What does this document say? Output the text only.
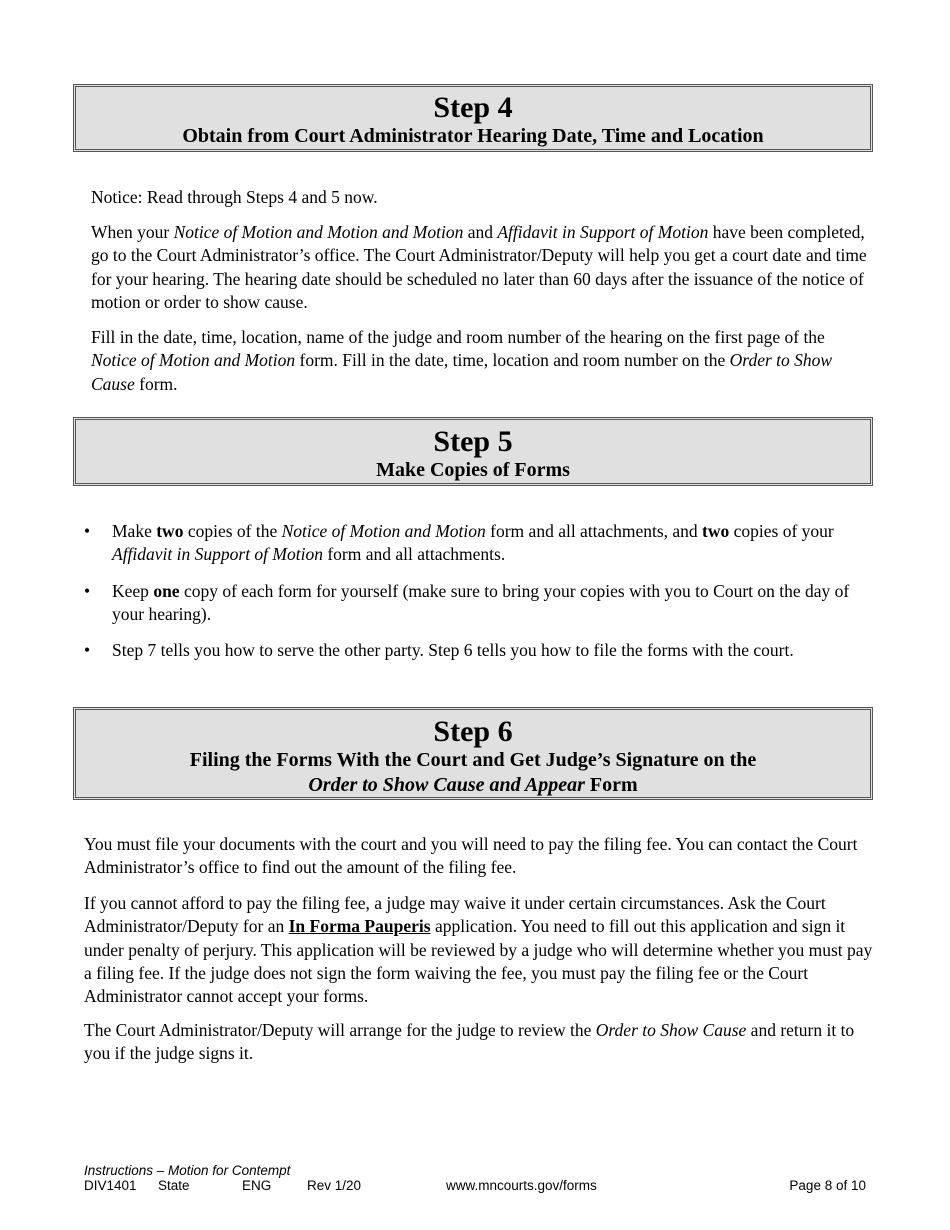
Step 4
Obtain from Court Administrator Hearing Date, Time and Location

Notice: Read through Steps 4 and 5 now.

When your Notice of Motion and Motion and Motion and Affidavit in Support of Motion have been completed, go to the Court Administrator’s office. The Court Administrator/Deputy will help you get a court date and time for your hearing. The hearing date should be scheduled no later than 60 days after the issuance of the notice of motion or order to show cause.

Fill in the date, time, location, name of the judge and room number of the hearing on the first page of the Notice of Motion and Motion form. Fill in the date, time, location and room number on the Order to Show Cause form.

Step 5
Make Copies of Forms
• Make two copies of the Notice of Motion and Motion form and all attachments, and two copies of your Affidavit in Support of Motion form and all attachments.
• Keep one copy of each form for yourself (make sure to bring your copies with you to Court on the day of your hearing).
• Step 7 tells you how to serve the other party. Step 6 tells you how to file the forms with the court.
Step 6
Filing the Forms With the Court and Get Judge’s Signature on the
Order to Show Cause and Appear Form

You must file your documents with the court and you will need to pay the filing fee. You can contact the Court Administrator’s office to find out the amount of the filing fee.

If you cannot afford to pay the filing fee, a judge may waive it under certain circumstances. Ask the Court Administrator/Deputy for an In Forma Pauperis application. You need to fill out this application and sign it under penalty of perjury. This application will be reviewed by a judge who will determine whether you must pay a filing fee. If the judge does not sign the form waiving the fee, you must pay the filing fee or the Court Administrator cannot accept your forms.

The Court Administrator/Deputy will arrange for the judge to review the Order to Show Cause and return it to you if the judge signs it.

Instructions – Motion for Contempt
DIV1401 State	ENG	Rev 1/20	www.mncourts.gov/forms	Page 8 of 10
